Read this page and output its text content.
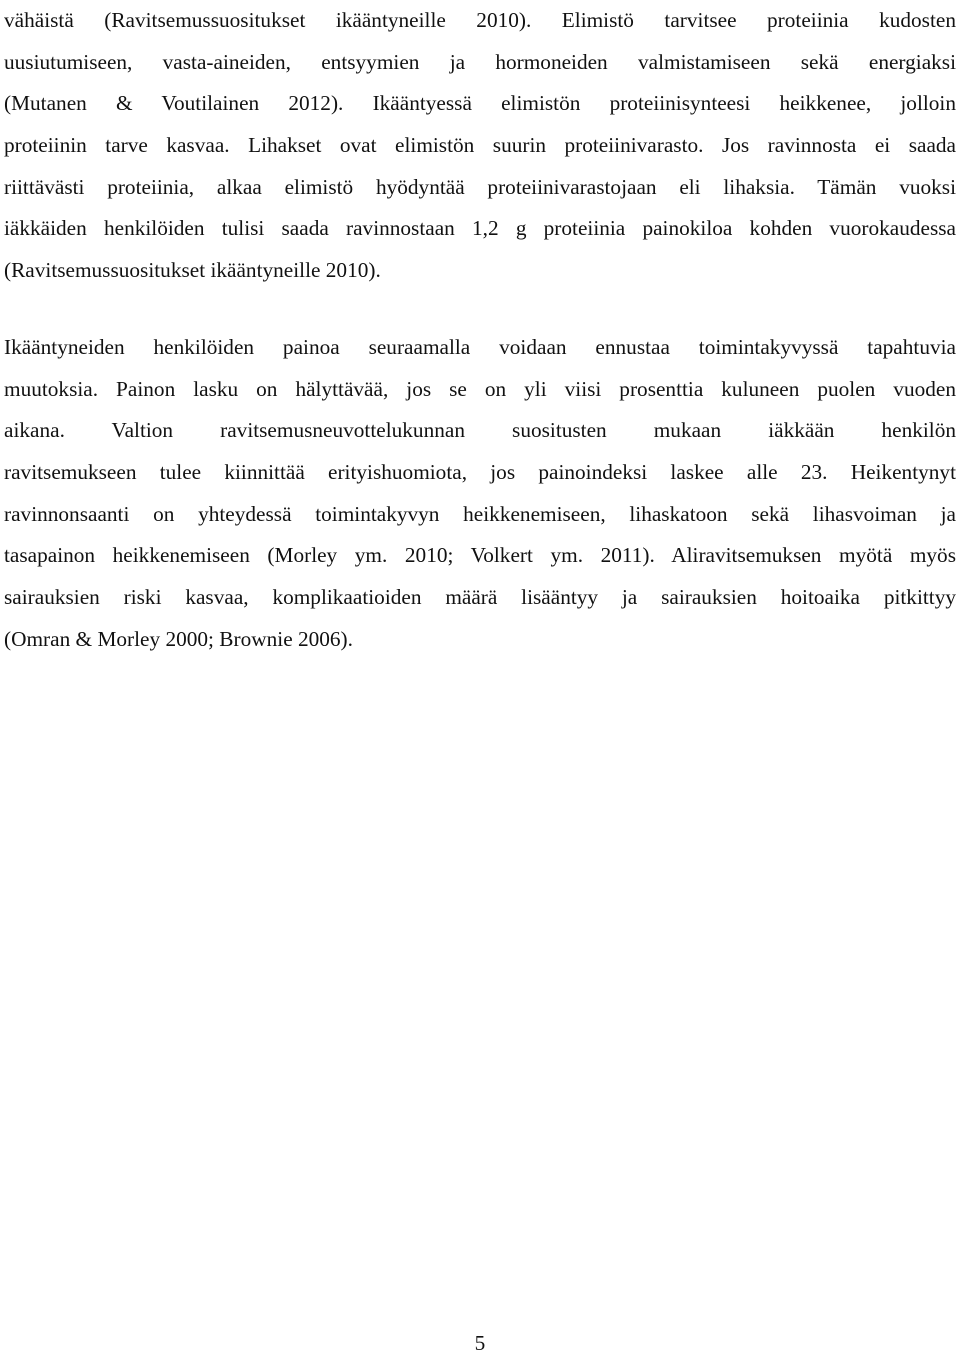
vähäistä (Ravitsemussuositukset ikääntyneille 2010). Elimistö tarvitsee proteiinia kudosten
uusiutumiseen, vasta-aineiden, entsyymien ja hormoneiden valmistamiseen sekä energiaksi
(Mutanen & Voutilainen 2012). Ikääntyessä elimistön proteiinisynteesi heikkenee, jolloin
proteiinin tarve kasvaa. Lihakset ovat elimistön suurin proteiinivarasto. Jos ravinnosta ei saada
riittävästi proteiinia, alkaa elimistö hyödyntää proteiinivarastojaan eli lihaksia. Tämän vuoksi
iäkkäiden henkilöiden tulisi saada ravinnostaan 1,2 g proteiinia painokiloa kohden vuorokaudessa
(Ravitsemussuositukset ikääntyneille 2010).
Ikääntyneiden henkilöiden painoa seuraamalla voidaan ennustaa toimintakyvyssä tapahtuvia
muutoksia. Painon lasku on hälyttävää, jos se on yli viisi prosenttia kuluneen puolen vuoden
aikana. Valtion ravitsemusneuvottelukunnan suositusten mukaan iäkkään henkilön
ravitsemukseen tulee kiinnittää erityishuomiota, jos painoindeksi laskee alle 23. Heikentynyt
ravinnonsaanti on yhteydessä toimintakyvyn heikkenemiseen, lihaskatoon sekä lihasvoiman ja
tasapainon heikkenemiseen (Morley ym. 2010; Volkert ym. 2011). Aliravitsemuksen myötä myös
sairauksien riski kasvaa, komplikaatioiden määrä lisääntyy ja sairauksien hoitoaika pitkittyy
(Omran & Morley 2000; Brownie 2006).
5
